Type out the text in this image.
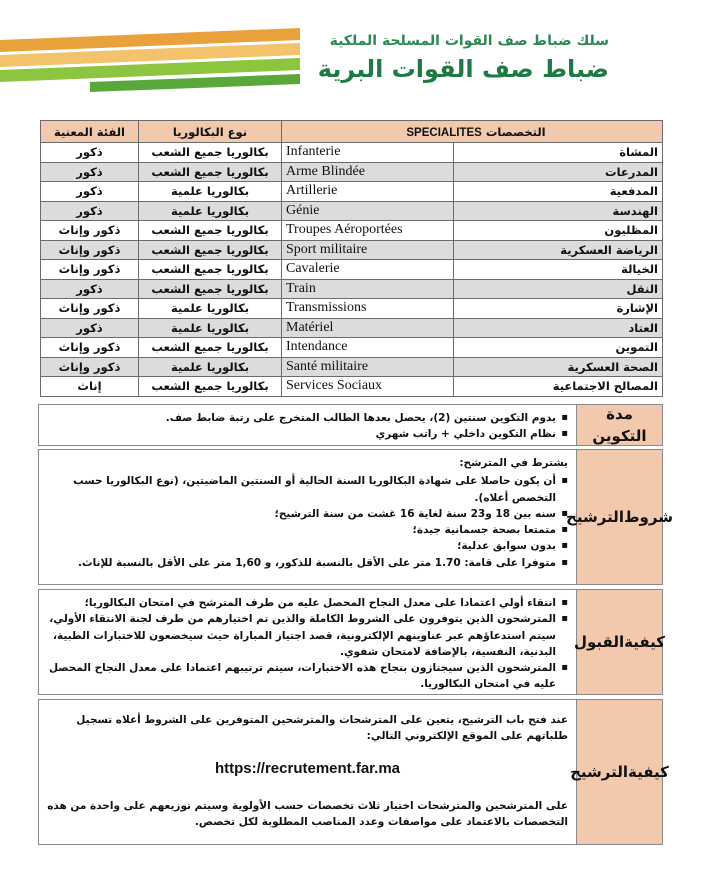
سلك ضباط صف القوات المسلحة الملكية
ضباط صف القوات البرية
الفئة المعنية	نوع البكالوريا	التخصصات SPECIALITES	
ذكور	بكالوريا جميع الشعب	Infanterie	المشاة
ذكور	بكالوريا جميع الشعب	Arme Blindée	المدرعات
ذكور	بكالوريا علمية	Artillerie	المدفعية
ذكور	بكالوريا علمية	Génie	الهندسة
ذكور وإناث	بكالوريا جميع الشعب	Troupes Aéroportées	المظليون
ذكور وإناث	بكالوريا جميع الشعب	Sport militaire	الرياضة العسكرية
ذكور وإناث	بكالوريا جميع الشعب	Cavalerie	الخيالة
ذكور	بكالوريا جميع الشعب	Train	النقل
ذكور وإناث	بكالوريا علمية	Transmissions	الإشارة
ذكور	بكالوريا علمية	Matériel	العتاد
ذكور وإناث	بكالوريا جميع الشعب	Intendance	التموين
ذكور وإناث	بكالوريا علمية	Santé militaire	الصحة العسكرية
إناث	بكالوريا جميع الشعب	Services Sociaux	المصالح الاجتماعية
▪ يدوم التكوين سنتين (2)، يحصل بعدها الطالب المتخرج على رتبة ضابط صف.
▪ نظام التكوين داخلي + راتب شهري
مدة التكوين
يشترط في المترشح:
▪ أن يكون حاصلا على شهادة البكالوريا السنة الحالية أو السنتين الماضيتين، (نوع البكالوريا حسب التخصص أعلاه).
▪ سنه بين 18 و23 سنة لغاية 16 غشت من سنة الترشيح؛
▪ متمتعا بصحة جسمانية جيدة؛
▪ بدون سوابق عدلية؛
▪ متوفرا على قامة: 1.70 متر على الأقل بالنسبة للذكور، و 1,60 متر على الأقل بالنسبة للإناث.
شروط

الترشيح
▪ انتقاء أولي اعتمادا على معدل النجاح المحصل عليه من طرف المترشح في امتحان البكالوريا؛
▪ المترشحون الذين يتوفرون على الشروط الكاملة والذين تم اختيارهم من طرف لجنة الانتقاء الأولي، سيتم استدعاؤهم عبر عناوينهم الإلكترونية، قصد اجتياز المباراة حيث سيخضعون للاختبارات الطبية، البدنية، النفسية، بالإضافة لامتحان شفوي.
▪ المترشحون الذين سيجتازون بنجاح هذه الاختبارات، سيتم ترتيبهم اعتمادا على معدل النجاح المحصل عليه في امتحان البكالوريا.
كيفية

القبول
عند فتح باب الترشيح، يتعين على المترشحات والمترشحين المتوفرين على الشروط أعلاه تسجيل طلباتهم على الموقع الإلكتروني التالي:
https://recrutement.far.ma
على المترشحين والمترشحات اختيار ثلاث تخصصات حسب الأولوية وسيتم توزيعهم على واحدة من هذه التخصصات بالاعتماد على مواصفات وعدد المناصب المطلوبة لكل تخصص.
كيفية

الترشيح
